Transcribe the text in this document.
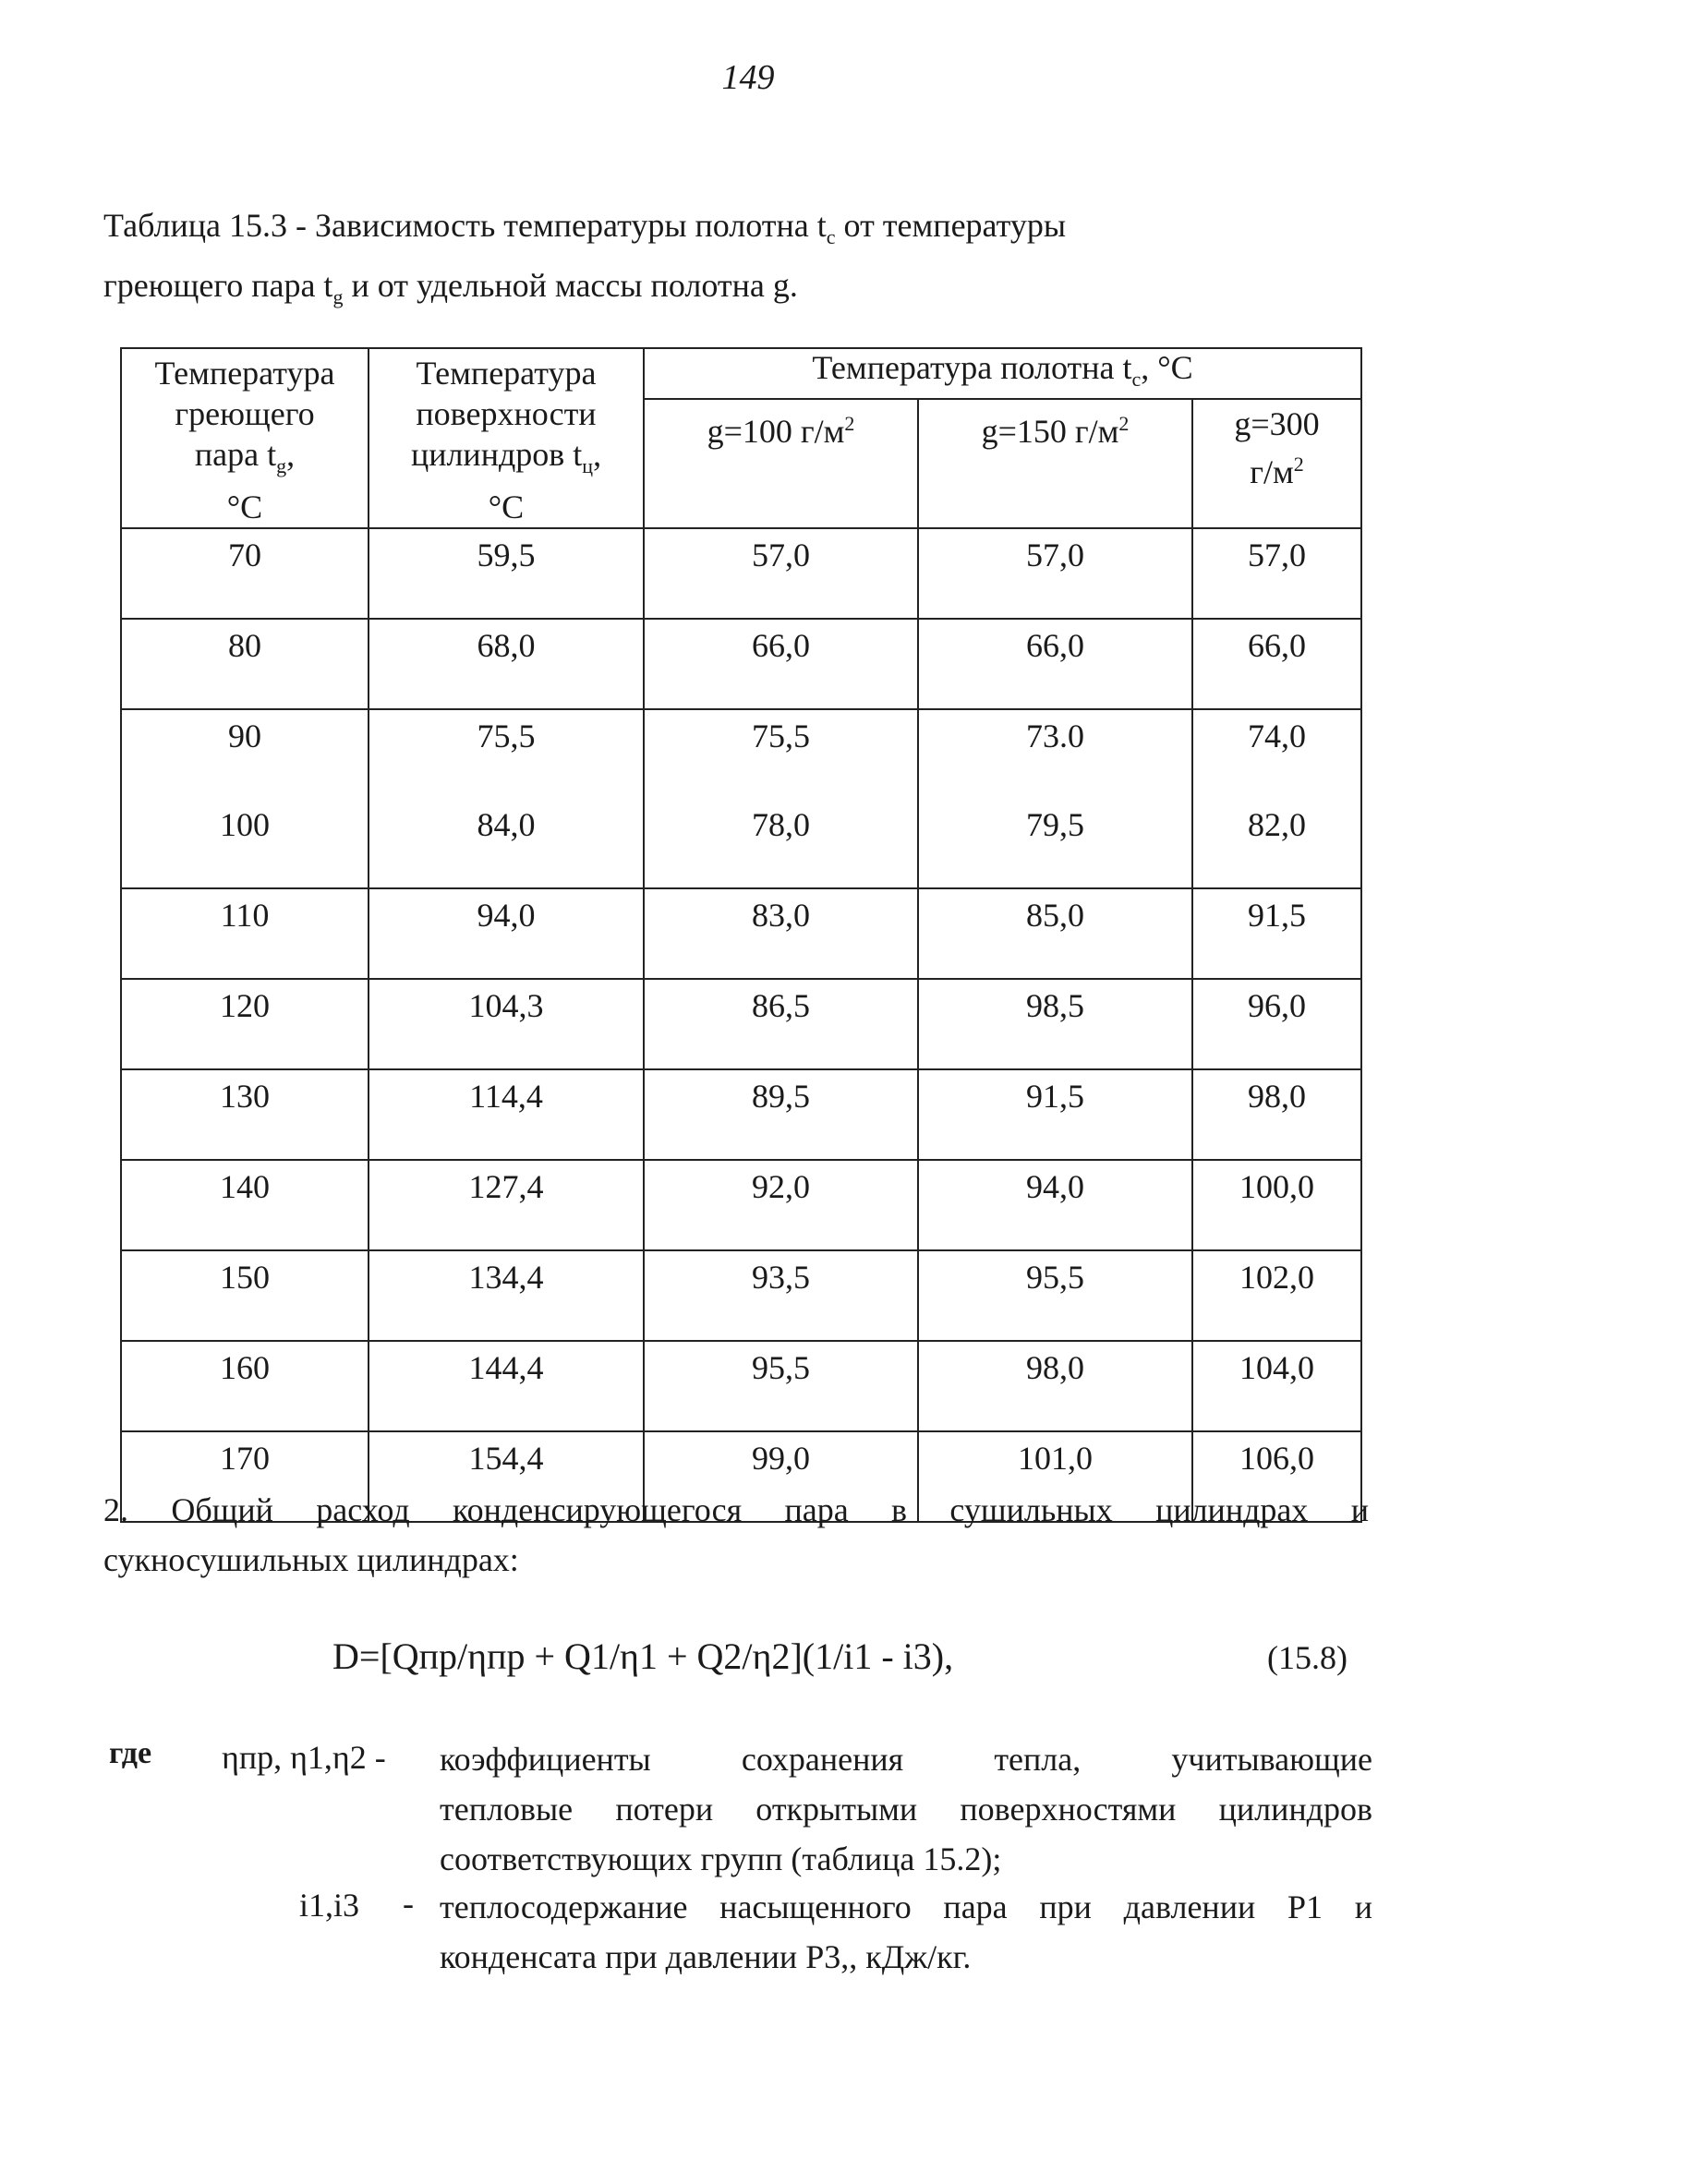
149
Таблица 15.3 - Зависимость температуры полотна $t_c$ от температуры
греющего пара $t_g$ и от удельной массы полотна g.
Температура
греющего
пара $t_g$,
°C	Температура
поверхности
цилиндров $t_ц$,
°C	Температура полотна $t_c$, °C		
		g=100 $г/м^2$	g=150 $г/м^2$	g=300
$г/м^2$
70	59,5	57,0	57,0	57,0
80	68,0	66,0	66,0	66,0
90	75,5	75,5	73.0	74,0
100	84,0	78,0	79,5	82,0
110	94,0	83,0	85,0	91,5
120	104,3	86,5	98,5	96,0
130	114,4	89,5	91,5	98,0
140	127,4	92,0	94,0	100,0
150	134,4	93,5	95,5	102,0
160	144,4	95,5	98,0	104,0
170	154,4	99,0	101,0	106,0
2. Общий расход конденсирующегося пара в сушильных цилиндрах и
сукносушильных цилиндрах:
D=[Qпр/ηпр + Q1/η1 + Q2/η2](1/i1 - i3),	(15.8)
где ηпр, η1,η2 - коэффициенты сохранения тепла, учитывающие
тепловые потери открытыми поверхностями цилиндров
соответствующих групп (таблица 15.2);
i1,i3 - теплосодержание насыщенного пара при давлении P1 и
конденсата при давлении P3,, кДж/кг.
